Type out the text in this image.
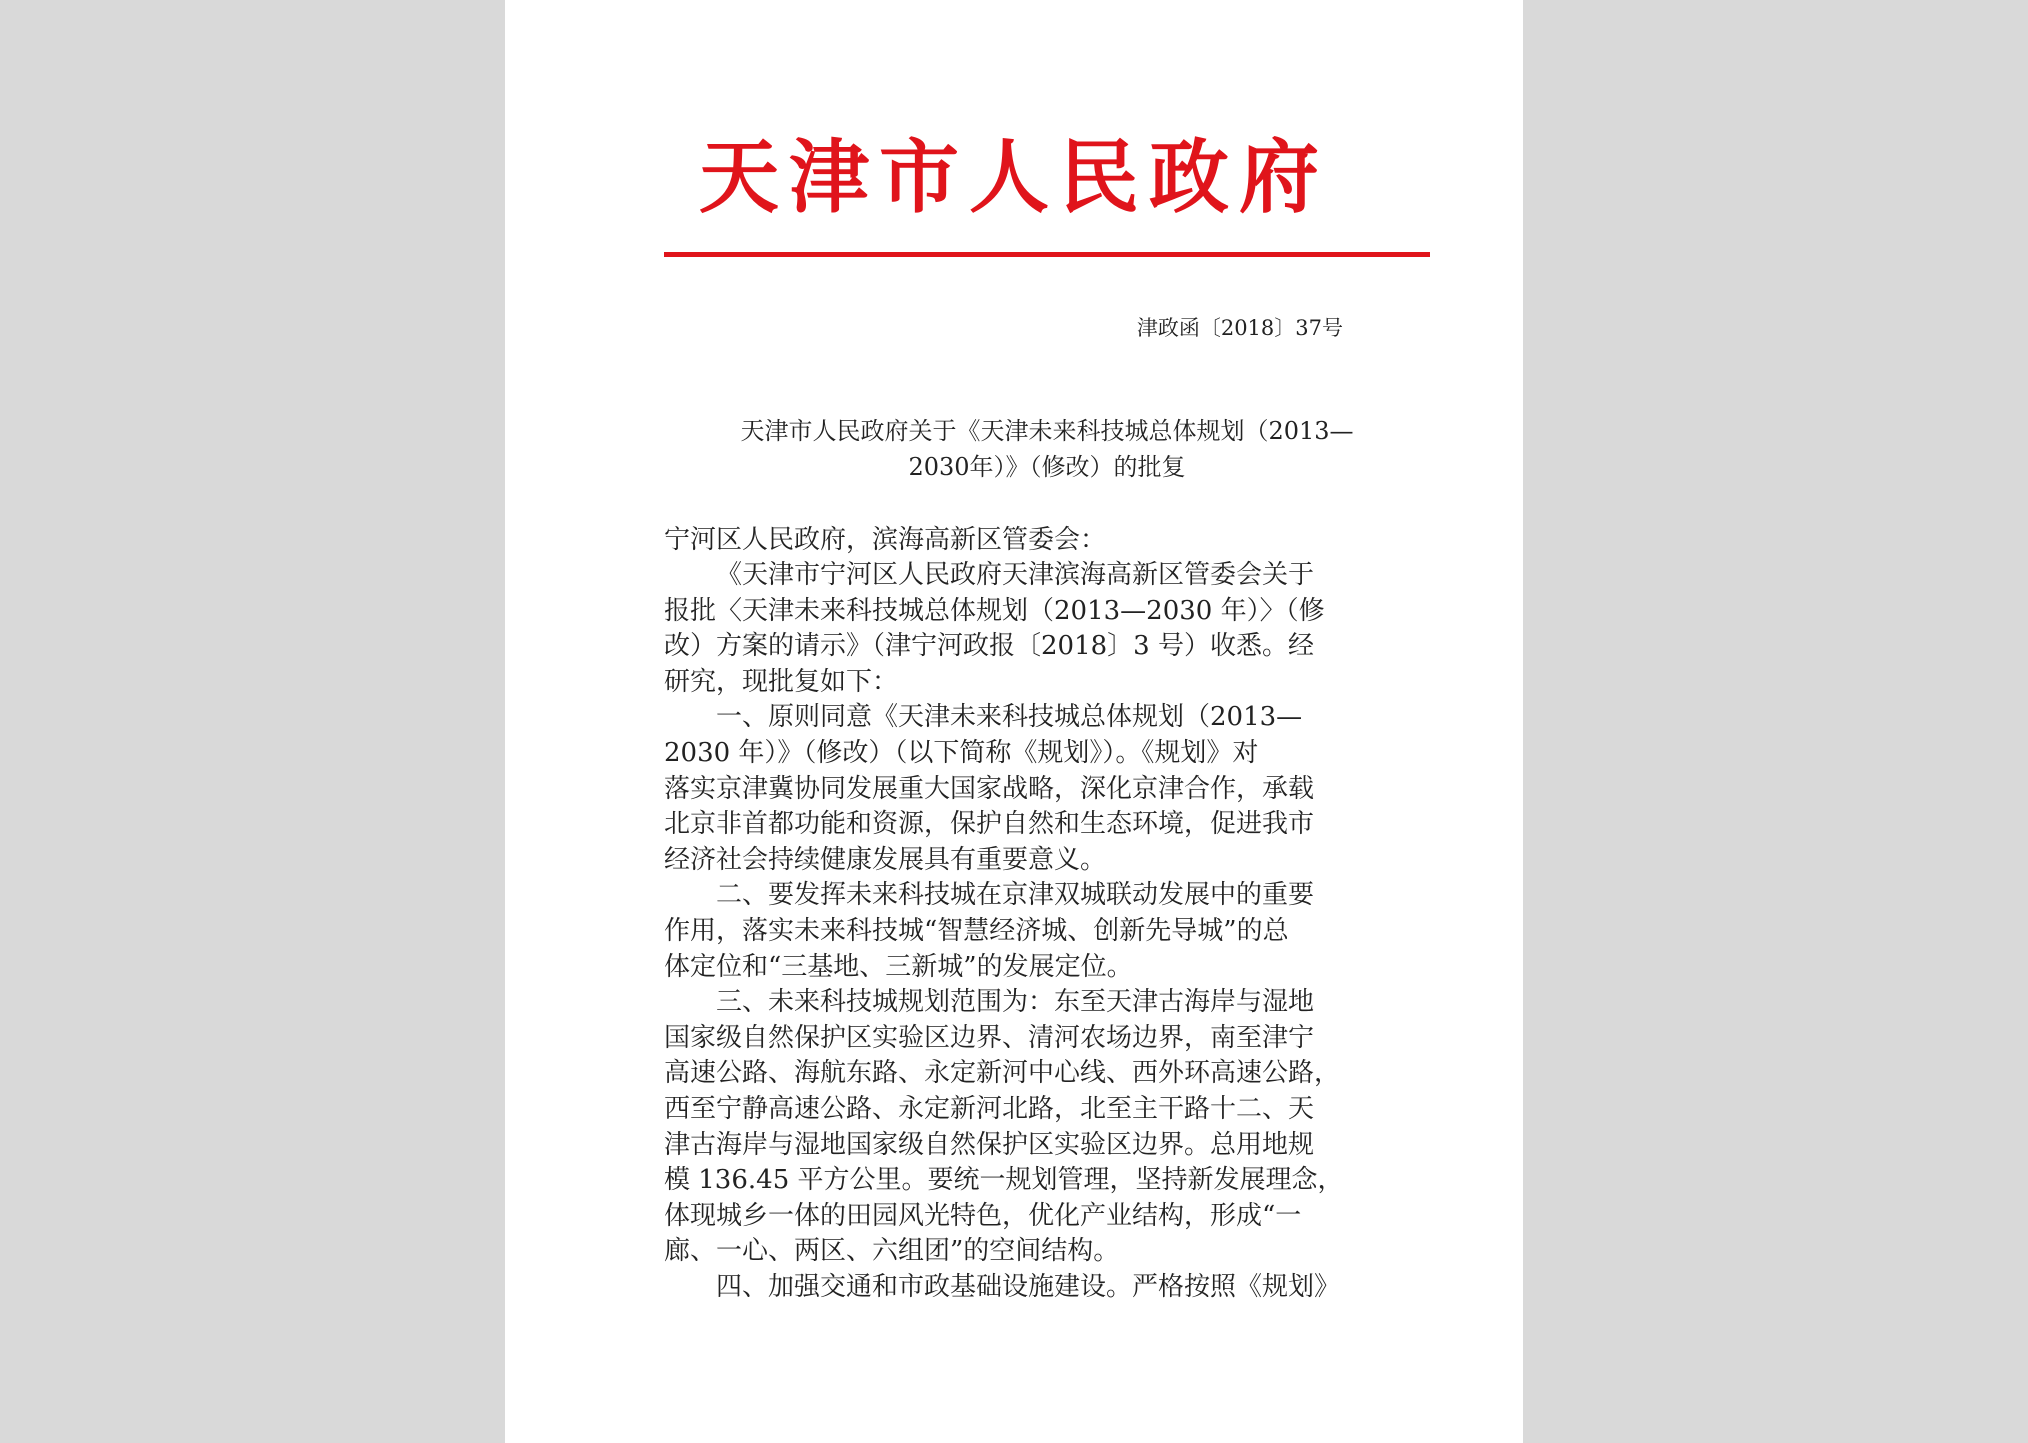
天津市人民政府
津政函〔2018〕37号
天津市人民政府关于《天津未来科技城总体规划（2013—
2030年）》（修改）的批复
宁河区人民政府，滨海高新区管委会：
《天津市宁河区人民政府天津滨海高新区管委会关于
报批〈天津未来科技城总体规划（2013—2030 年）〉（修
改）方案的请示》（津宁河政报〔2018〕3 号）收悉。经
研究，现批复如下：
一、原则同意《天津未来科技城总体规划（2013—
2030 年）》（修改）（以下简称《规划》）。《规划》对
落实京津冀协同发展重大国家战略，深化京津合作，承载
北京非首都功能和资源，保护自然和生态环境，促进我市
经济社会持续健康发展具有重要意义。
二、要发挥未来科技城在京津双城联动发展中的重要
作用，落实未来科技城“智慧经济城、创新先导城”的总
体定位和“三基地、三新城”的发展定位。
三、未来科技城规划范围为：东至天津古海岸与湿地
国家级自然保护区实验区边界、清河农场边界，南至津宁
高速公路、海航东路、永定新河中心线、西外环高速公路，
西至宁静高速公路、永定新河北路，北至主干路十二、天
津古海岸与湿地国家级自然保护区实验区边界。总用地规
模 136.45 平方公里。要统一规划管理，坚持新发展理念，
体现城乡一体的田园风光特色，优化产业结构，形成“一
廊、一心、两区、六组团”的空间结构。
四、加强交通和市政基础设施建设。严格按照《规划》
